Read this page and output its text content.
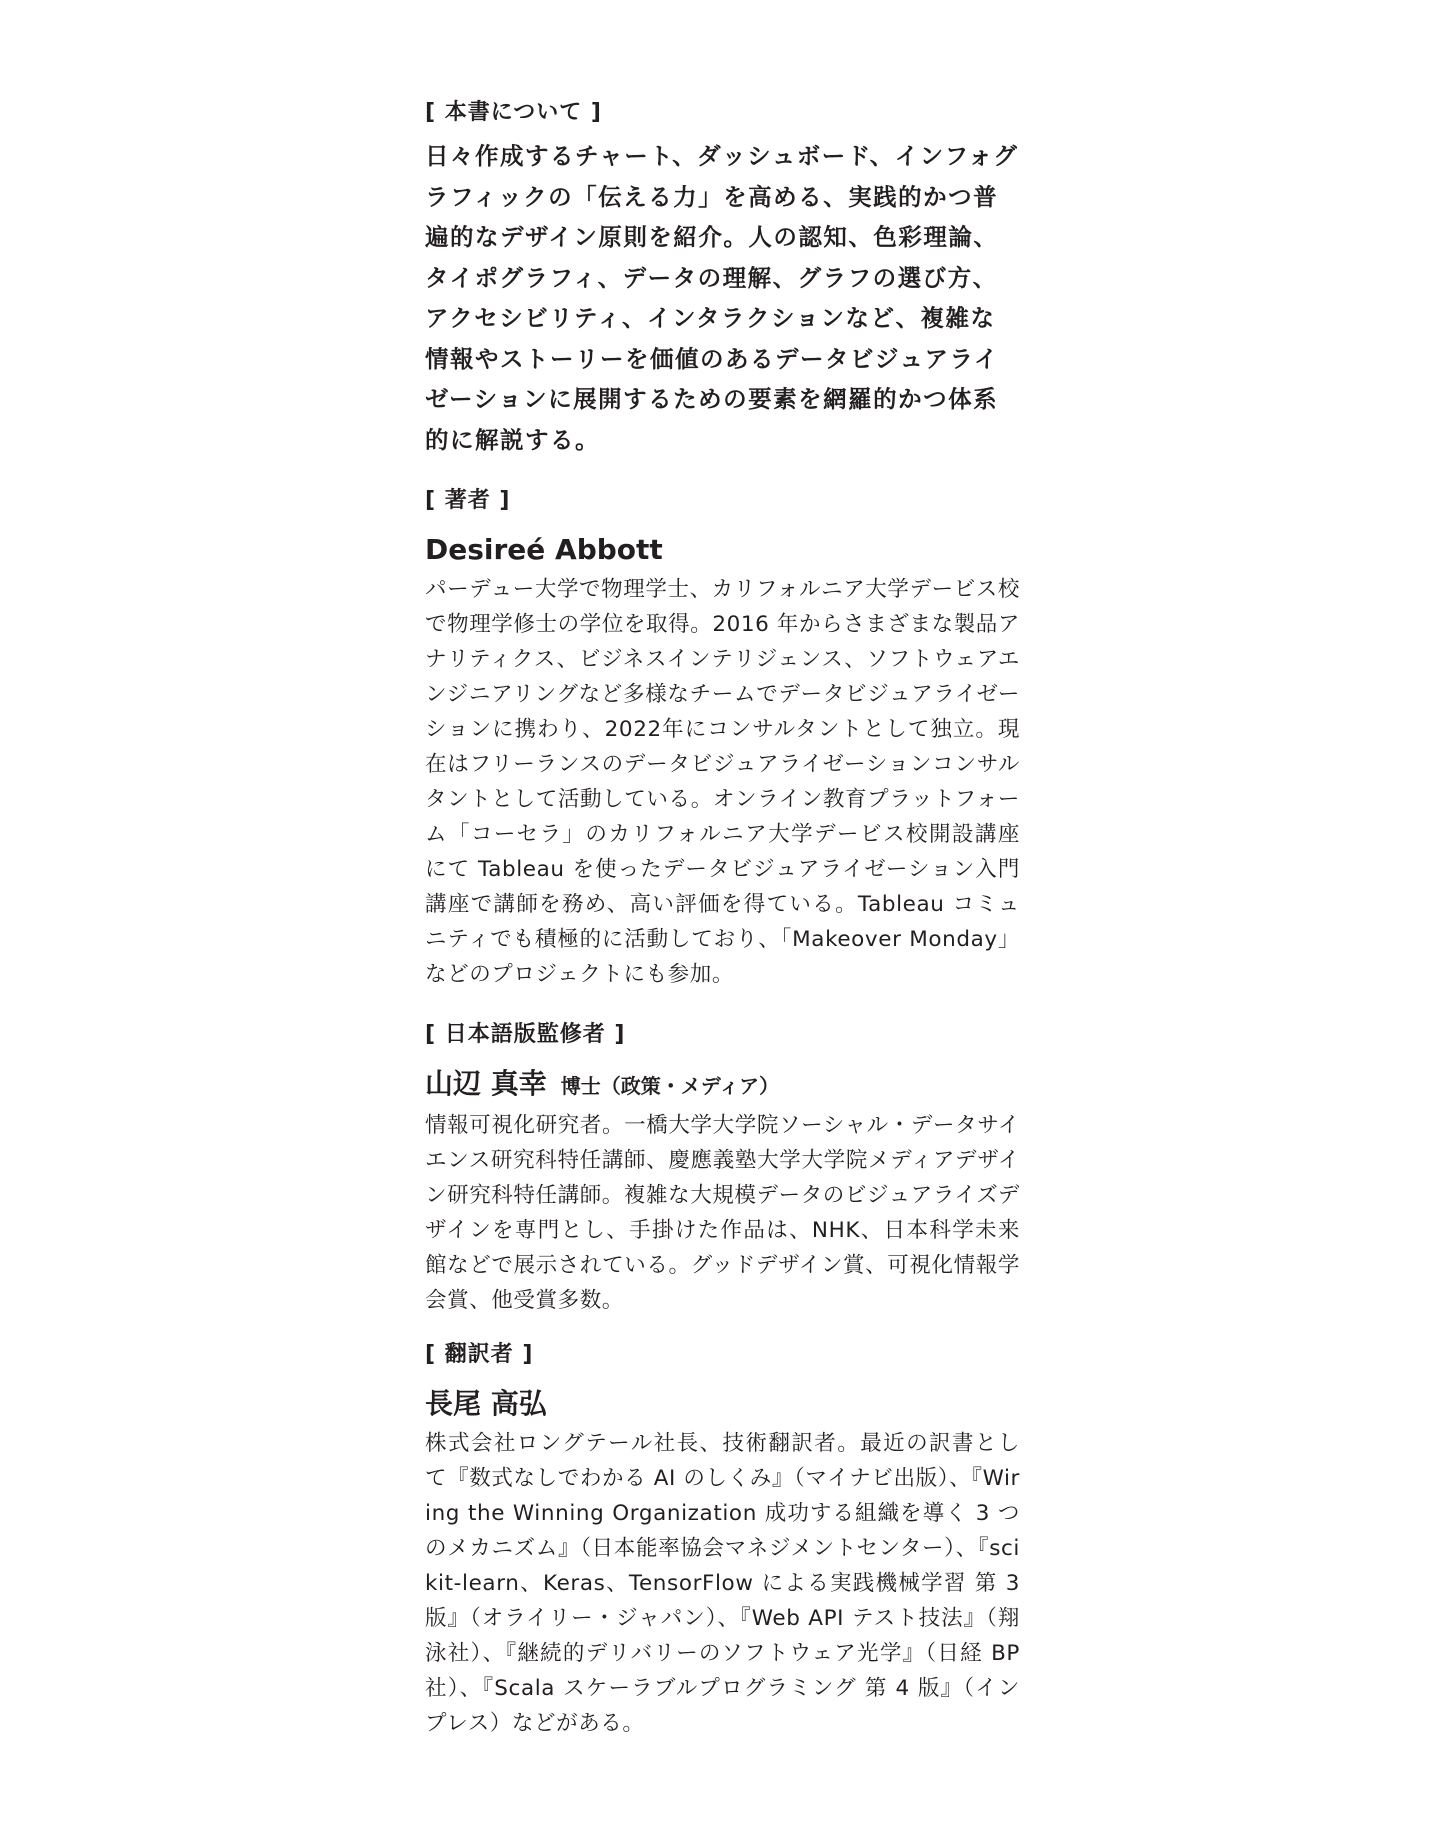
[ 本書について ]

日々作成するチャート、ダッシュボード、インフォグラフィックの「伝える力」を高める、実践的かつ普遍的なデザイン原則を紹介。人の認知、色彩理論、タイポグラフィ、データの理解、グラフの選び方、アクセシビリティ、インタラクションなど、複雑な情報やストーリーを価値のあるデータビジュアライゼーションに展開するための要素を網羅的かつ体系的に解説する。

[ 著者 ]

Desireé Abbott

パーデュー大学で物理学士、カリフォルニア大学デービス校で物理学修士の学位を取得。2016 年からさまざまな製品アナリティクス、ビジネスインテリジェンス、ソフトウェアエンジニアリングなど多様なチームでデータビジュアライゼーションに携わり、2022年にコンサルタントとして独立。現在はフリーランスのデータビジュアライゼーションコンサルタントとして活動している。オンライン教育プラットフォーム「コーセラ」のカリフォルニア大学デービス校開設講座にて Tableau を使ったデータビジュアライゼーション入門講座で講師を務め、高い評価を得ている。Tableau コミュニティでも積極的に活動しており、「Makeover Monday」などのプロジェクトにも参加。

[ 日本語版監修者 ]

山辺 真幸 博士（政策・メディア）

情報可視化研究者。一橋大学大学院ソーシャル・データサイエンス研究科特任講師、慶應義塾大学大学院メディアデザイン研究科特任講師。複雑な大規模データのビジュアライズデザインを専門とし、手掛けた作品は、NHK、日本科学未来館などで展示されている。グッドデザイン賞、可視化情報学会賞、他受賞多数。

[ 翻訳者 ]

長尾 高弘

株式会社ロングテール社長、技術翻訳者。最近の訳書として『数式なしでわかる AI のしくみ』（マイナビ出版）、『Wiring the Winning Organization 成功する組織を導く 3 つのメカニズム』（日本能率協会マネジメントセンター）、『scikit-learn、Keras、TensorFlow による実践機械学習 第 3 版』（オライリー・ジャパン）、『Web API テスト技法』（翔泳社）、『継続的デリバリーのソフトウェア光学』（日経 BP 社）、『Scala スケーラブルプログラミング 第 4 版』（インプレス）などがある。
